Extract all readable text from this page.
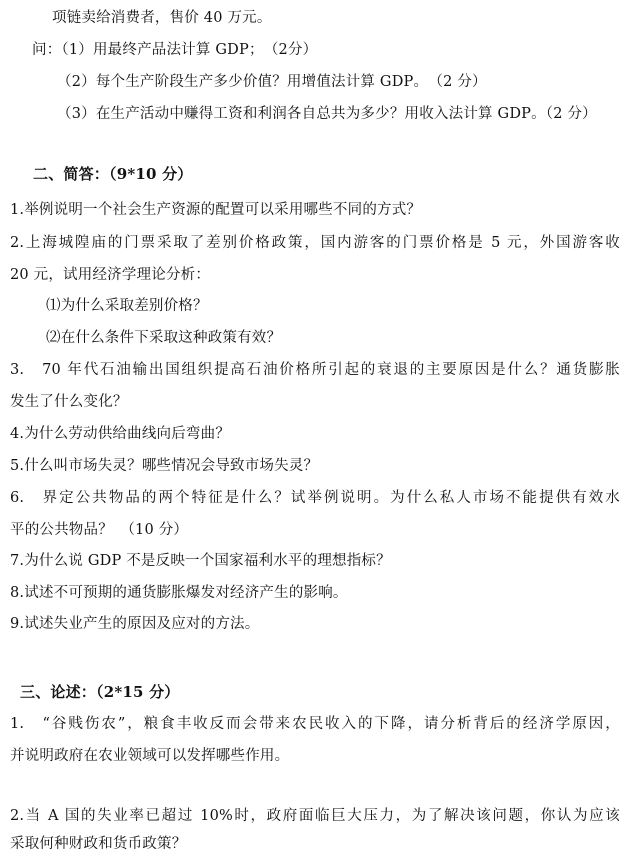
项链卖给消费者，售价 40 万元。
问：（1）用最终产品法计算 GDP；　（2分）
（2）每个生产阶段生产多少价值？用增值法计算 GDP。　（2 分）
（3）在生产活动中赚得工资和利润各自总共为多少？用收入法计算 GDP。（2 分）
二、简答：（9*10 分）
1.举例说明一个社会生产资源的配置可以采用哪些不同的方式？
2.上海城隍庙的门票采取了差别价格政策，国内游客的门票价格是 5 元，外国游客收
20 元，试用经济学理论分析：
⑴为什么采取差别价格？
⑵在什么条件下采取这种政策有效？
3.　70 年代石油输出国组织提高石油价格所引起的衰退的主要原因是什么？通货膨胀
发生了什么变化？
4.为什么劳动供给曲线向后弯曲？
5.什么叫市场失灵？哪些情况会导致市场失灵？
6.　界定公共物品的两个特征是什么？试举例说明。为什么私人市场不能提供有效水
平的公共物品？　（10 分）
7.为什么说 GDP 不是反映一个国家福利水平的理想指标？
8.试述不可预期的通货膨胀爆发对经济产生的影响。
9.试述失业产生的原因及应对的方法。
三、论述：（2*15 分）
1.　“谷贱伤农”，粮食丰收反而会带来农民收入的下降，请分析背后的经济学原因，
并说明政府在农业领域可以发挥哪些作用。
2.当 A 国的失业率已超过 10%时，政府面临巨大压力，为了解决该问题，你认为应该
采取何种财政和货币政策？
